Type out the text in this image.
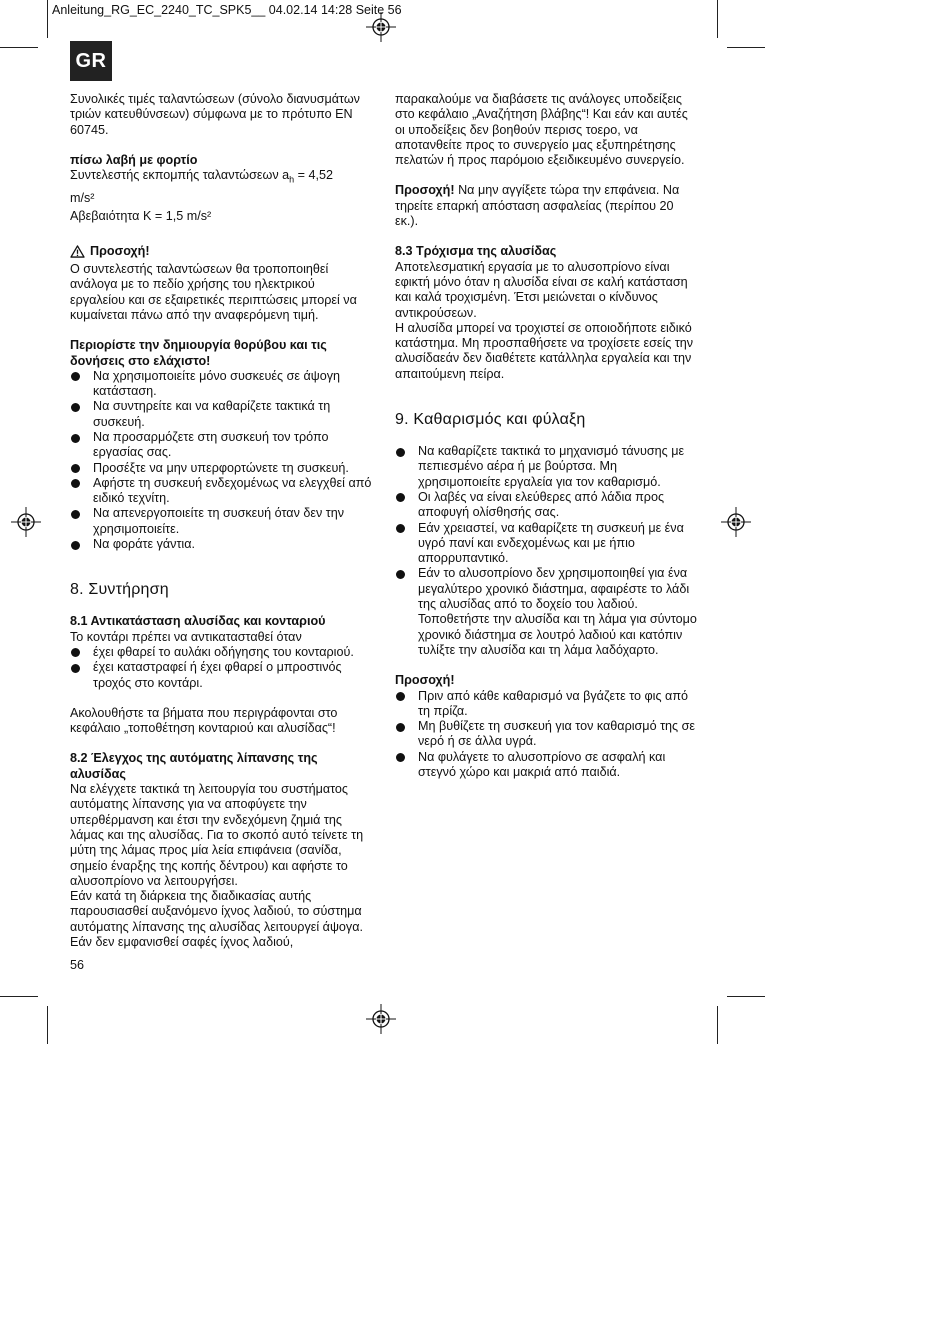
Anleitung_RG_EC_2240_TC_SPK5__ 04.02.14 14:28 Seite 56
GR

Συνολικές τιμές ταλαντώσεων (σύνολο διανυσμάτων τριών κατευθύνσεων) σύμφωνα με το πρότυπο EN 60745.

πίσω λαβή με φορτίο

Συντελεστής εκπομπής ταλαντώσεων $a_h = 4,52$

m/s²

Αβεβαιότητα K = 1,5 m/s²

Προσοχή!

Ο συντελεστής ταλαντώσεων θα τροποποιηθεί ανάλογα με το πεδίο χρήσης του ηλεκτρικού εργαλείου και σε εξαιρετικές περιπτώσεις μπορεί να κυμαίνεται πάνω από την αναφερόμενη τιμή.

Περιορίστε την δημιουργία θορύβου και τις δονήσεις στο ελάχιστο!

Να χρησιμοποιείτε μόνο συσκευές σε άψογη κατάσταση.
Να συντηρείτε και να καθαρίζετε τακτικά τη συσκευή.
Να προσαρμόζετε στη συσκευή τον τρόπο εργασίας σας.
Προσέξτε να μην υπερφορτώνετε τη συσκευή.
Αφήστε τη συσκευή ενδεχομένως να ελεγχθεί από ειδικό τεχνίτη.
Να απενεργοποιείτε τη συσκευή όταν δεν την χρησιμοποιείτε.
Να φοράτε γάντια.
8. Συντήρηση

8.1 Αντικατάσταση αλυσίδας και κονταριού

Το κοντάρι πρέπει να αντικατασταθεί όταν

έχει φθαρεί το αυλάκι οδήγησης του κονταριού.
έχει καταστραφεί ή έχει φθαρεί ο μπροστινός τροχός στο κοντάρι.

Ακολουθήστε τα βήματα που περιγράφονται στο κεφάλαιο „τοποθέτηση κονταριού και αλυσίδας“!

8.2 Έλεγχος της αυτόματης λίπανσης της αλυσίδας

Να ελέγχετε τακτικά τη λειτουργία του συστήματος αυτόματης λίπανσης για να αποφύγετε την υπερθέρμανση και έτσι την ενδεχόμενη ζημιά της λάμας και της αλυσίδας. Για το σκοπό αυτό τείνετε τη μύτη της λάμας προς μία λεία επιφάνεια (σανίδα, σημείο έναρξης της κοπής δέντρου) και αφήστε το αλυσοπρίονο να λειτουργήσει.

Εάν κατά τη διάρκεια της διαδικασίας αυτής παρουσιασθεί αυξανόμενο ίχνος λαδιού, το σύστημα αυτόματης λίπανσης της αλυσίδας λειτουργεί άψογα. Εάν δεν εμφανισθεί σαφές ίχνος λαδιού,

παρακαλούμε να διαβάσετε τις ανάλογες υποδείξεις στο κεφάλαιο „Αναζήτηση βλάβης“! Και εάν και αυτές οι υποδείξεις δεν βοηθούν περισς τοερο, να αποτανθείτε προς το συνεργείο μας εξυπηρέτησης πελατών ή προς παρόμοιο εξειδικευμένο συνεργείο.

Προσοχή! Να μην αγγίξετε τώρα την επφάνεια. Να τηρείτε επαρκή απόσταση ασφαλείας (περίπου 20 εκ.).

8.3 Τρόχισμα της αλυσίδας

Αποτελεσματική εργασία με το αλυσοπρίονο είναι εφικτή μόνο όταν η αλυσίδα είναι σε καλή κατάσταση και καλά τροχισμένη. Έτσι μειώνεται ο κίνδυνος αντικρούσεων.

Η αλυσίδα μπορεί να τροχιστεί σε οποιοδήποτε ειδικό κατάστημα. Μη προσπαθήσετε να τροχίσετε εσείς την αλυσίδαεάν δεν διαθέτετε κατάλληλα εργαλεία και την απαιτούμενη πείρα.

9. Καθαρισμός και φύλαξη
Να καθαρίζετε τακτικά το μηχανισμό τάνυσης με πεπιεσμένο αέρα ή με βούρτσα. Μη χρησιμοποιείτε εργαλεία για τον καθαρισμό.
Οι λαβές να είναι ελεύθερες από λάδια προς αποφυγή ολίσθησής σας.
Εάν χρειαστεί, να καθαρίζετε τη συσκευή με ένα υγρό πανί και ενδεχομένως και με ήπιο απορρυπαντικό.
Εάν το αλυσοπρίονο δεν χρησιμοποιηθεί για ένα μεγαλύτερο χρονικό διάστημα, αφαιρέστε το λάδι της αλυσίδας από το δοχείο του λαδιού. Τοποθετήστε την αλυσίδα και τη λάμα για σύντομο χρονικό διάστημα σε λουτρό λαδιού και κατόπιν τυλίξτε την αλυσίδα και τη λάμα λαδόχαρτο.

Προσοχή!

Πριν από κάθε καθαρισμό να βγάζετε το φις από τη πρίζα.
Μη βυθίζετε τη συσκευή για τον καθαρισμό της σε νερό ή σε άλλα υγρά.
Να φυλάγετε το αλυσοπρίονο σε ασφαλή και στεγνό χώρο και μακριά από παιδιά.
56
